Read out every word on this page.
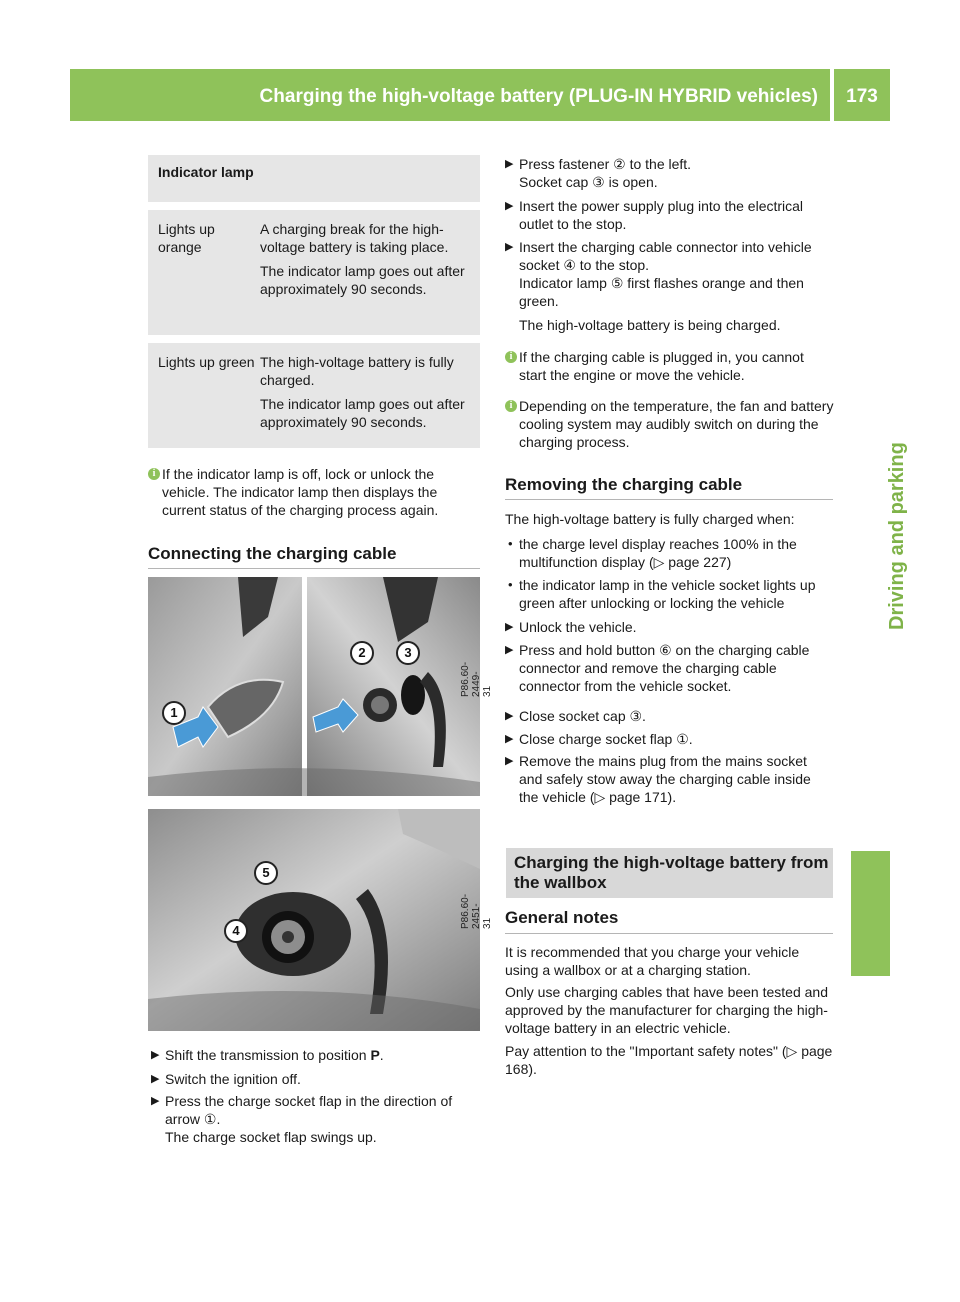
Charging the high-voltage battery (PLUG-IN HYBRID vehicles)	173
Driving and parking
Indicator lamp
Lights up orange

A charging break for the high-voltage battery is taking place.

The indicator lamp goes out after approximately 90 seconds.

Lights up green The high-voltage battery is fully charged.

The indicator lamp goes out after approximately 90 seconds.

i If the indicator lamp is off, lock or unlock the vehicle. The indicator lamp then displays the current status of the charging process again.
Connecting the charging cable
1
2	3
P86.60-2449-31
5
4
P86.60-2451-31
▶ Shift the transmission to position P.
▶ Switch the ignition off.
▶ Press the charge socket flap in the direction of arrow ①.
The charge socket flap swings up.
▶ Press fastener ② to the left.
Socket cap ③ is open.
▶ Insert the power supply plug into the electrical outlet to the stop.
▶ Insert the charging cable connector into vehicle socket ④ to the stop.
Indicator lamp ⑤ first flashes orange and then green.
The high-voltage battery is being charged.
i If the charging cable is plugged in, you cannot start the engine or move the vehicle.
i Depending on the temperature, the fan and battery cooling system may audibly switch on during the charging process.
Removing the charging cable
The high-voltage battery is fully charged when:
• the charge level display reaches 100% in the multifunction display (▷ page 227)
• the indicator lamp in the vehicle socket lights up green after unlocking or locking the vehicle
▶ Unlock the vehicle.
▶ Press and hold button ⑥ on the charging cable connector and remove the charging cable connector from the vehicle socket.
▶ Close socket cap ③.
▶ Close charge socket flap ①.
▶ Remove the mains plug from the mains socket and safely stow away the charging cable inside the vehicle (▷ page 171).
Charging the high-voltage battery from the wallbox
General notes
It is recommended that you charge your vehicle using a wallbox or at a charging station.
Only use charging cables that have been tested and approved by the manufacturer for charging the high-voltage battery in an electric vehicle.
Pay attention to the "Important safety notes" (▷ page 168).
